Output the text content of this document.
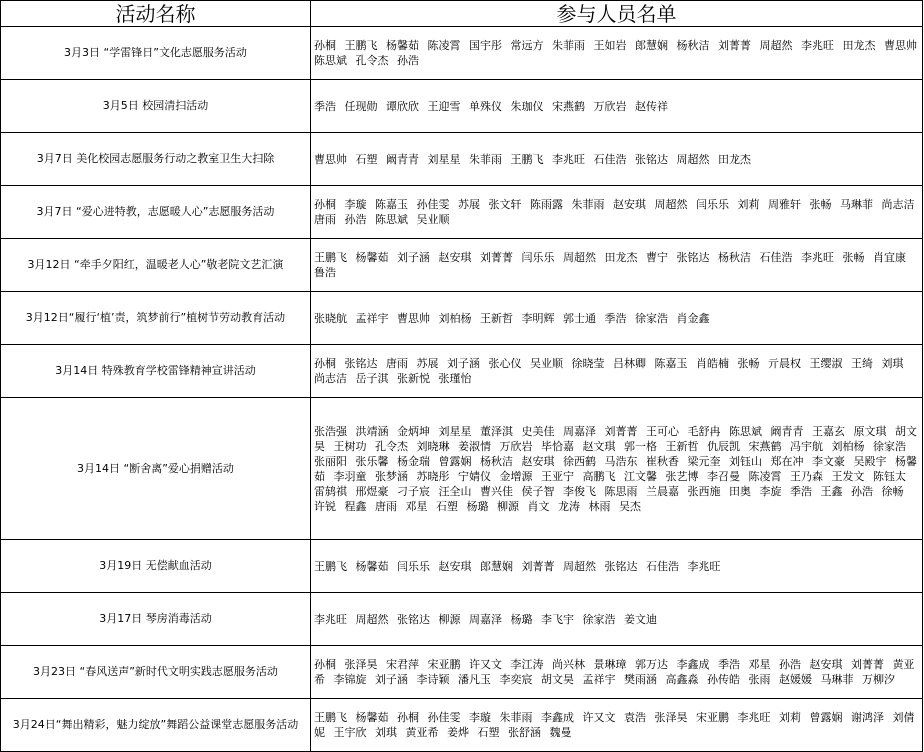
活动名称	参与人员名单
3月3日 “学雷锋日”文化志愿服务活动	孙桐 王鹏飞 杨馨茹 陈凌霄 国宇彤 常远方 朱菲雨 王如岩 郎慧娴 杨秋洁 刘菁菁 周超然 李兆旺 田龙杰 曹思帅 陈思斌 孔令杰 孙浩
3月5日 校园清扫活动	季浩 任现勋 谭欣欣 王迎雪 单殊仪 朱珈仪 宋燕鹤 万欣岩 赵传祥
3月7日 美化校园志愿服务行动之教室卫生大扫除	曹思帅 石塑 阚青青 刘星星 朱菲雨 王鹏飞 李兆旺 石佳浩 张铭达 周超然 田龙杰
3月7日 “爱心进特教，志愿暖人心”志愿服务活动	孙桐 李璇 陈嘉玉 孙佳雯 苏展 张文轩 陈雨露 朱菲雨 赵安琪 周超然 闫乐乐 刘莉 周雅轩 张畅 马琳菲 尚志洁 唐雨 孙浩 陈思斌 吴业顺
3月12日 “牵手夕阳红，温暖老人心”敬老院文艺汇演	王鹏飞 杨馨茹 刘子涵 赵安琪 刘菁菁 闫乐乐 周超然 田龙杰 曹宁 张铭达 杨秋洁 石佳浩 李兆旺 张畅 肖宜康 鲁浩
3月12日“履行‘植’责，筑梦前行”植树节劳动教育活动	张晓航 孟祥宇 曹思帅 刘柏杨 王新哲 李明辉 郭士通 季浩 徐家浩 肖金鑫
3月14日 特殊教育学校雷锋精神宣讲活动	孙桐 张铭达 唐雨 苏展 刘子涵 张心仪 吴业顺 徐晓莹 吕林卿 陈嘉玉 肖皓楠 张畅 亓晨权 王缨淑 王绮 刘琪 尚志洁 岳子淇 张新悦 张瑾怡
3月14日 “断舍离”爱心捐赠活动	张浩强 洪靖涵 金炳坤 刘星星 董泽淇 史美佳 周嘉泽 刘菁菁 王可心 毛舒冉 陈思斌 阚青青 王嘉玄 原文琪 胡文昊 王树功 孔令杰 刘晓琳 姜淑情 万欣岩 毕恰嘉 赵文琪 郭一格 王新哲 仇辰凯 宋燕鹤 冯宇航 刘柏杨 徐家浩 张丽阳 张乐馨 杨金瑞 曾露娴 杨秋洁 赵安琪 徐西鹤 马浩东 崔秋香 梁元奎 刘钰山 郑在冲 李文豪 吴殿宇 杨馨茹 李羽童 张梦涵 苏晓彤 宁婧仪 金增源 王亚宁 高鹏飞 江文馨 张艺博 李召曼 陈凌霄 王乃森 王发文 陈钰太 雷鸫祺 邢煜豪 刁子宸 汪全山 曹兴佳 侯子智 李俊飞 陈思雨 兰晨嘉 张西施 田奥 李旋 季浩 王鑫 孙浩 徐畅 许锐 程鑫 唐雨 邓星 石塑 杨璐 柳源 肖文 龙涛 林雨 吴杰
3月19日 无偿献血活动	王鹏飞 杨馨茹 闫乐乐 赵安琪 郎慧娴 刘菁菁 周超然 张铭达 石佳浩 李兆旺
3月17日 琴房消毒活动	李兆旺 周超然 张铭达 柳源 周嘉泽 杨璐 李飞宇 徐家浩 姜文迪
3月23日 “春风送声”新时代文明实践志愿服务活动	孙桐 张泽昊 宋君萍 宋亚鹏 许又文 李江涛 尚兴林 景琳璋 郭万达 李鑫成 季浩 邓星 孙浩 赵安琪 刘菁菁 黄亚希 李锦旋 刘子涵 李诗颖 潘凡玉 李奕宸 胡文昊 孟祥宇 樊雨涵 高鑫淼 孙传皓 张雨 赵媛媛 马琳菲 万柳汐
3月24日“舞出精彩，魅力绽放”舞蹈公益课堂志愿服务活动	王鹏飞 杨馨茹 孙桐 孙佳雯 李璇 朱菲雨 李鑫成 许又文 袁浩 张泽昊 宋亚鹏 李兆旺 刘莉 曾露娴 谢鸿泽 刘倩妮 王宇欣 刘琪 黄亚希 姜烨 石塑 张舒涵 魏曼
